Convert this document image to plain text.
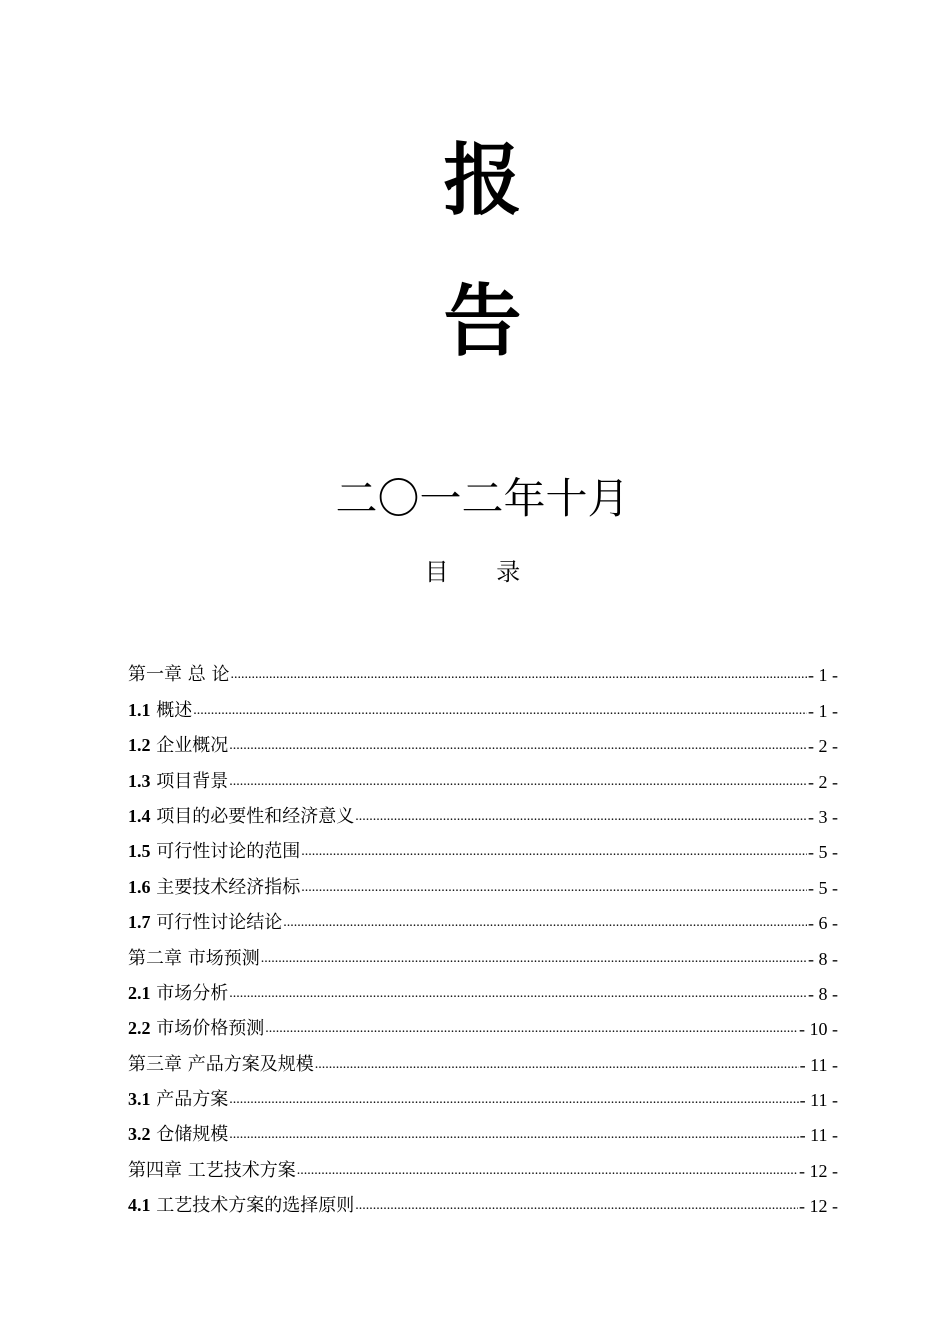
报
告
二〇一二年十月
目 录
第一章 总 论 .....	- 1 -
1.1 概述 .....	- 1 -
1.2 企业概况 .....	- 2 -
1.3 项目背景 .....	- 2 -
1.4 项目的必要性和经济意义 .....	- 3 -
1.5 可行性讨论的范围 .....	- 5 -
1.6 主要技术经济指标 .....	- 5 -
1.7 可行性讨论结论 .....	- 6 -
第二章 市场预测 .....	- 8 -
2.1 市场分析 .....	- 8 -
2.2 市场价格预测 .....	- 10 -
第三章 产品方案及规模 .....	- 11 -
3.1 产品方案 .....	- 11 -
3.2 仓储规模 .....	- 11 -
第四章 工艺技术方案 .....	- 12 -
4.1 工艺技术方案的选择原则 .....	- 12 -
